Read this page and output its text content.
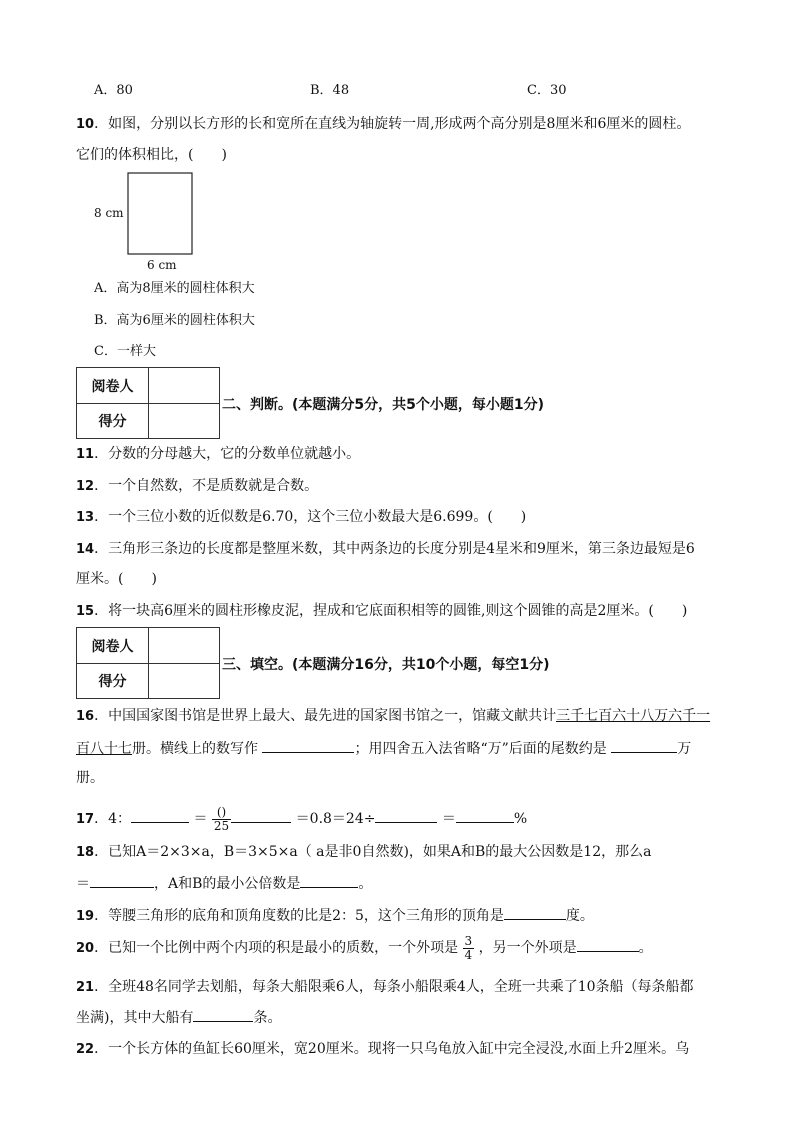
A．80	B．48	C．30
10．如图，分别以长方形的长和宽所在直线为轴旋转一周,形成两个高分别是8厘米和6厘米的圆柱。
它们的体积相比，(　　)
8 cm
6 cm
A．高为8厘米的圆柱体积大
B．高为6厘米的圆柱体积大
C．一样大
阅卷人
得分
二、判断。(本题满分5分，共5个小题，每小题1分)
11．分数的分母越大，它的分数单位就越小。
12．一个自然数，不是质数就是合数。
13．一个三位小数的近似数是6.70，这个三位小数最大是6.699。(　　)
14．三角形三条边的长度都是整厘米数，其中两条边的长度分别是4星米和9厘米，第三条边最短是6
厘米。(　　)
15．将一块高6厘米的圆柱形橡皮泥，捏成和它底面积相等的圆锥,则这个圆锥的高是2厘米。(　　)
阅卷人
得分
三、填空。(本题满分16分，共10个小题，每空1分)
16．中国国家图书馆是世界上最大、最先进的国家图书馆之一，馆藏文献共计三千七百六十八万六千一
百八十七册。横线上的数写作	；用四舍五入法省略“万”后面的尾数约是	万
册。
17．4：	＝ $\frac{()}{25}$	＝0.8＝24÷	＝	%
18．已知A＝2×3×a，B＝3×5×a（ a是非0自然数)，如果A和B的最大公因数是12，那么a
＝	，A和B的最小公倍数是	。
19．等腰三角形的底角和顶角度数的比是2：5，这个三角形的顶角是	度。
20．已知一个比例中两个内项的积是最小的质数，一个外项是 $\frac{3}{4}$ ，另一个外项是	。
21．全班48名同学去划船，每条大船限乘6人，每条小船限乘4人，全班一共乘了10条船（每条船都
坐满)，其中大船有	条。
22．一个长方体的鱼缸长60厘米，宽20厘米。现将一只乌龟放入缸中完全浸没,水面上升2厘米。乌
